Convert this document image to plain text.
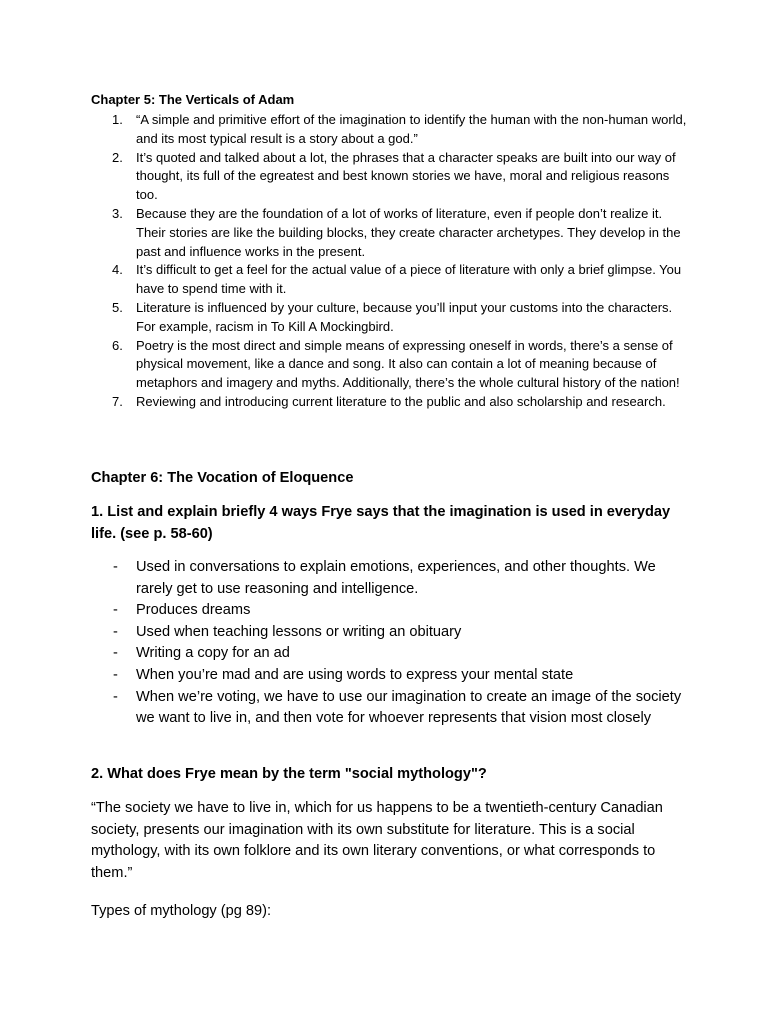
Chapter 5: The Verticals of Adam
1. “A simple and primitive effort of the imagination to identify the human with the non-human world, and its most typical result is a story about a god.”
2. It’s quoted and talked about a lot, the phrases that a character speaks are built into our way of thought, its full of the egreatest and best known stories we have, moral and religious reasons too.
3. Because they are the foundation of a lot of works of literature, even if people don’t realize it. Their stories are like the building blocks, they create character archetypes. They develop in the past and influence works in the present.
4. It’s difficult to get a feel for the actual value of a piece of literature with only a brief glimpse. You have to spend time with it.
5. Literature is influenced by your culture, because you’ll input your customs into the characters. For example, racism in To Kill A Mockingbird.
6. Poetry is the most direct and simple means of expressing oneself in words, there’s a sense of physical movement, like a dance and song. It also can contain a lot of meaning because of metaphors and imagery and myths. Additionally, there’s the whole cultural history of the nation!
7. Reviewing and introducing current literature to the public and also scholarship and research.
Chapter 6: The Vocation of Eloquence

1. List and explain briefly 4 ways Frye says that the imagination is used in everyday life. (see p. 58-60)

- Used in conversations to explain emotions, experiences, and other thoughts. We rarely get to use reasoning and intelligence.
- Produces dreams
- Used when teaching lessons or writing an obituary
- Writing a copy for an ad
- When you’re mad and are using words to express your mental state
- When we’re voting, we have to use our imagination to create an image of the society we want to live in, and then vote for whoever represents that vision most closely

2. What does Frye mean by the term "social mythology"?

“The society we have to live in, which for us happens to be a twentieth-century Canadian society, presents our imagination with its own substitute for literature. This is a social mythology, with its own folklore and its own literary conventions, or what corresponds to them.”

Types of mythology (pg 89):
